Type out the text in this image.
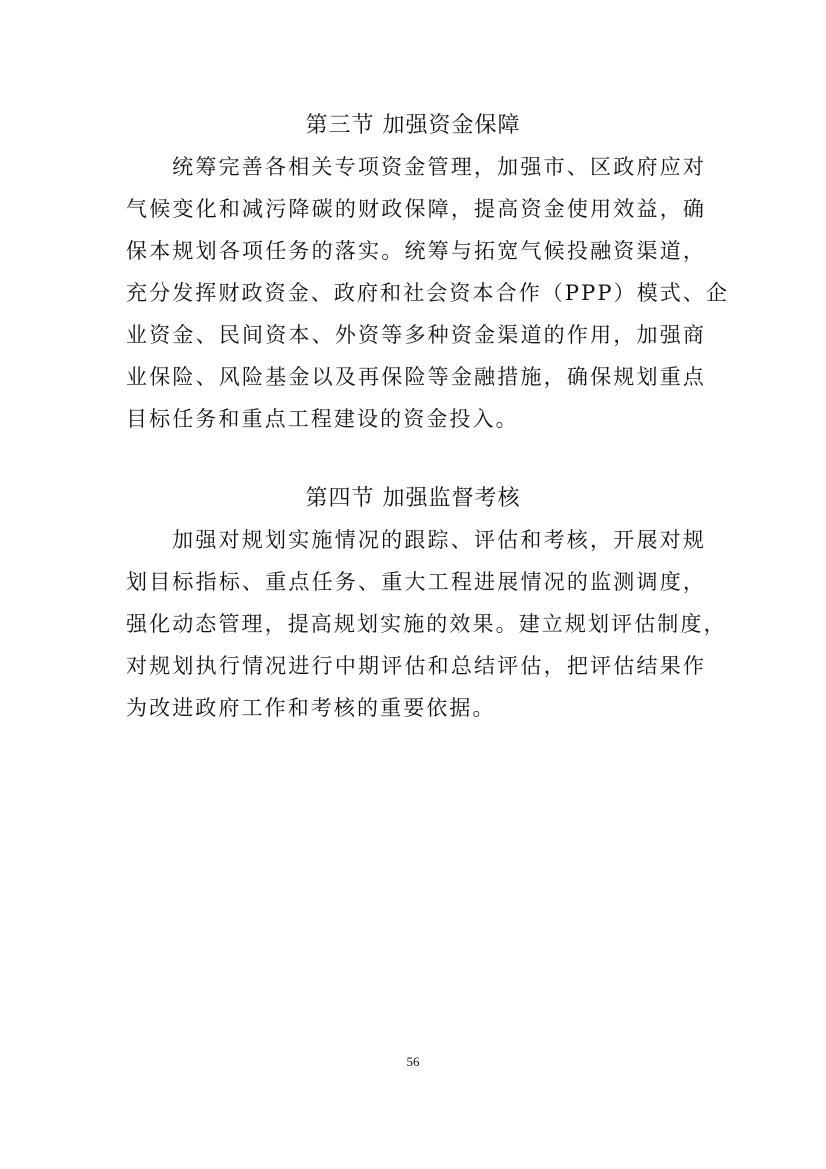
第三节 加强资金保障
统筹完善各相关专项资金管理，加强市、区政府应对
气候变化和减污降碳的财政保障，提高资金使用效益，确
保本规划各项任务的落实。统筹与拓宽气候投融资渠道，
充分发挥财政资金、政府和社会资本合作（PPP）模式、企
业资金、民间资本、外资等多种资金渠道的作用，加强商
业保险、风险基金以及再保险等金融措施，确保规划重点
目标任务和重点工程建设的资金投入。
第四节 加强监督考核
加强对规划实施情况的跟踪、评估和考核，开展对规
划目标指标、重点任务、重大工程进展情况的监测调度，
强化动态管理，提高规划实施的效果。建立规划评估制度，
对规划执行情况进行中期评估和总结评估，把评估结果作
为改进政府工作和考核的重要依据。
56
